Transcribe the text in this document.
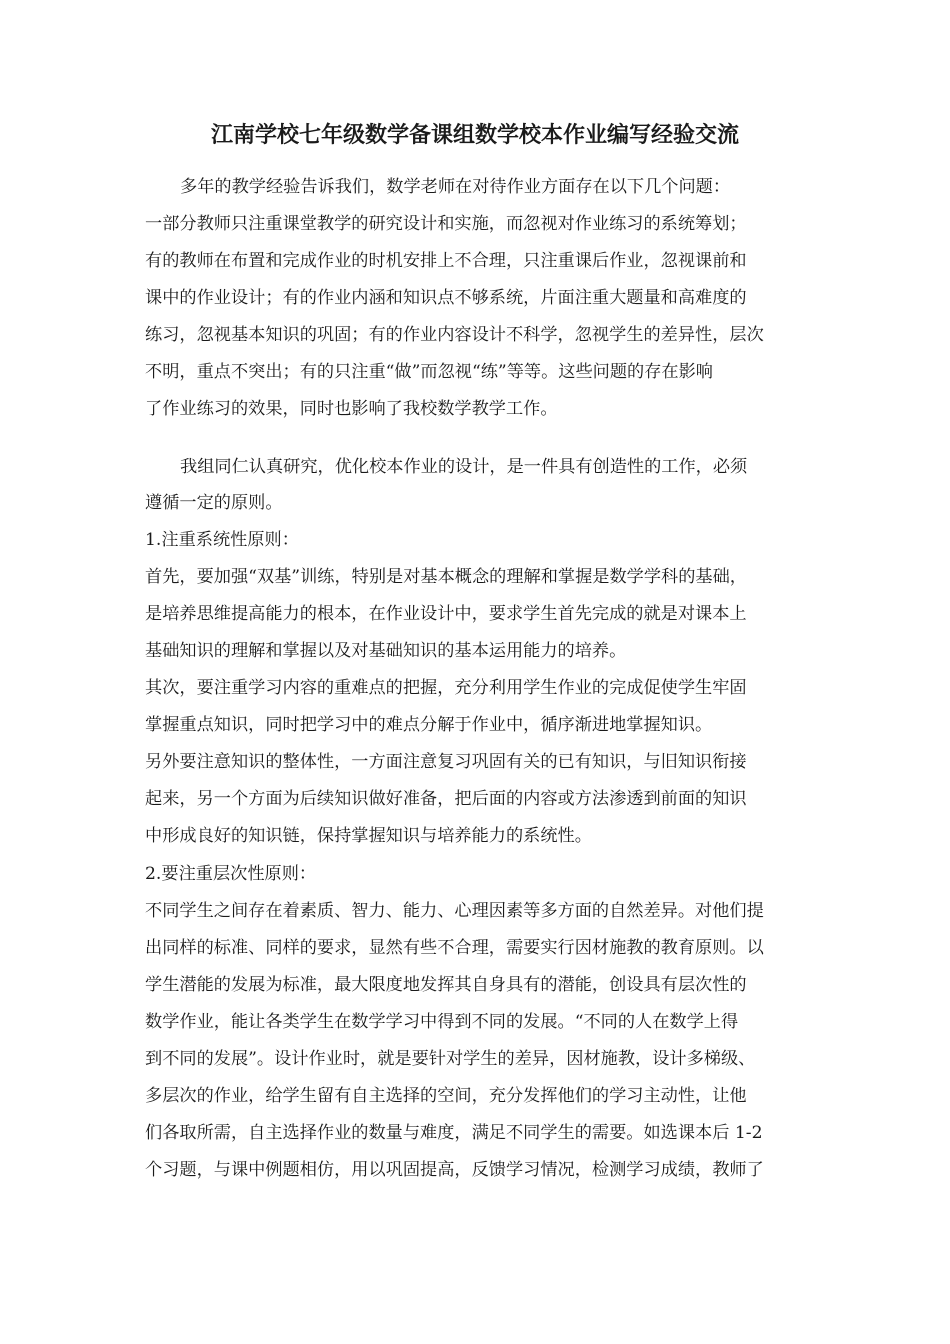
江南学校七年级数学备课组数学校本作业编写经验交流
多年的教学经验告诉我们，数学老师在对待作业方面存在以下几个问题：
一部分教师只注重课堂教学的研究设计和实施，而忽视对作业练习的系统筹划；
有的教师在布置和完成作业的时机安排上不合理，只注重课后作业，忽视课前和
课中的作业设计；有的作业内涵和知识点不够系统，片面注重大题量和高难度的
练习，忽视基本知识的巩固；有的作业内容设计不科学，忽视学生的差异性，层次
不明，重点不突出；有的只注重“做”而忽视“练”等等。这些问题的存在影响
了作业练习的效果，同时也影响了我校数学教学工作。
我组同仁认真研究，优化校本作业的设计，是一件具有创造性的工作，必须
遵循一定的原则。
1.注重系统性原则：
首先，要加强“双基”训练，特别是对基本概念的理解和掌握是数学学科的基础，
是培养思维提高能力的根本，在作业设计中，要求学生首先完成的就是对课本上
基础知识的理解和掌握以及对基础知识的基本运用能力的培养。
其次，要注重学习内容的重难点的把握，充分利用学生作业的完成促使学生牢固
掌握重点知识，同时把学习中的难点分解于作业中，循序渐进地掌握知识。
另外要注意知识的整体性，一方面注意复习巩固有关的已有知识，与旧知识衔接
起来，另一个方面为后续知识做好准备，把后面的内容或方法渗透到前面的知识
中形成良好的知识链，保持掌握知识与培养能力的系统性。
2.要注重层次性原则：
不同学生之间存在着素质、智力、能力、心理因素等多方面的自然差异。对他们提
出同样的标准、同样的要求，显然有些不合理，需要实行因材施教的教育原则。以
学生潜能的发展为标准，最大限度地发挥其自身具有的潜能，创设具有层次性的
数学作业，能让各类学生在数学学习中得到不同的发展。“不同的人在数学上得
到不同的发展”。设计作业时，就是要针对学生的差异，因材施教，设计多梯级、
多层次的作业，给学生留有自主选择的空间，充分发挥他们的学习主动性，让他
们各取所需，自主选择作业的数量与难度，满足不同学生的需要。如选课本后 1-2
个习题，与课中例题相仿，用以巩固提高，反馈学习情况，检测学习成绩，教师了
